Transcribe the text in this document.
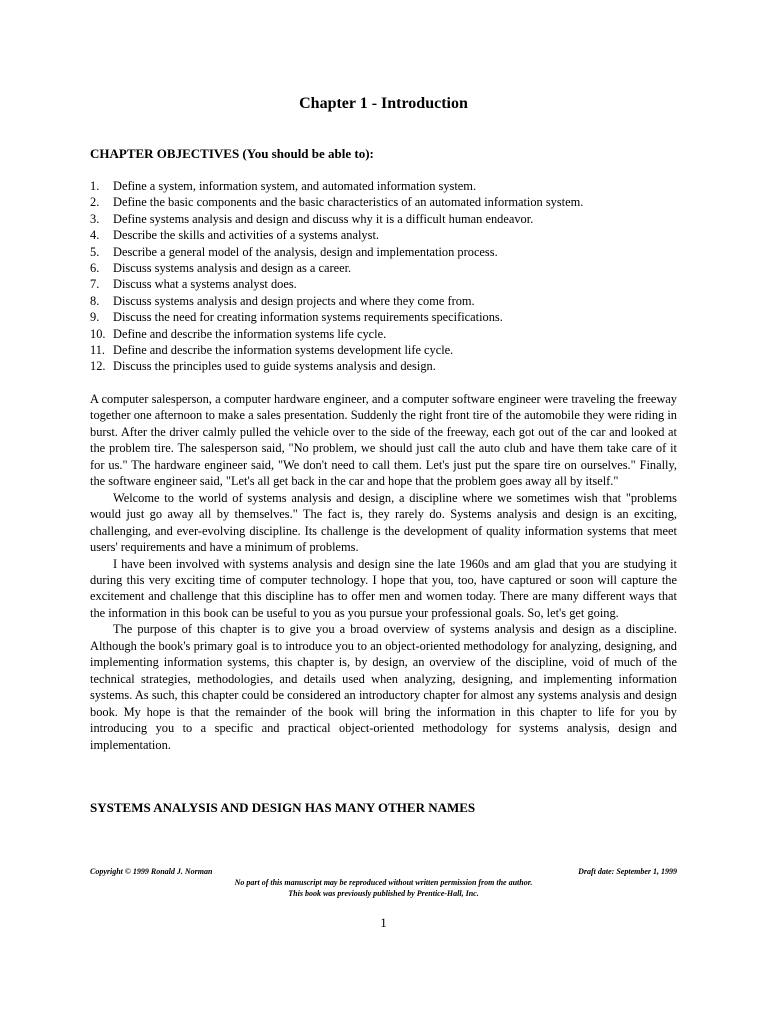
Chapter 1 - Introduction
CHAPTER OBJECTIVES (You should be able to):
1. Define a system, information system, and automated information system.
2. Define the basic components and the basic characteristics of an automated information system.
3. Define systems analysis and design and discuss why it is a difficult human endeavor.
4. Describe the skills and activities of a systems analyst.
5. Describe a general model of the analysis, design and implementation process.
6. Discuss systems analysis and design as a career.
7. Discuss what a systems analyst does.
8. Discuss systems analysis and design projects and where they come from.
9. Discuss the need for creating information systems requirements specifications.
10. Define and describe the information systems life cycle.
11. Define and describe the information systems development life cycle.
12. Discuss the principles used to guide systems analysis and design.

A computer salesperson, a computer hardware engineer, and a computer software engineer were traveling the freeway together one afternoon to make a sales presentation. Suddenly the right front tire of the automobile they were riding in burst. After the driver calmly pulled the vehicle over to the side of the freeway, each got out of the car and looked at the problem tire. The salesperson said, "No problem, we should just call the auto club and have them take care of it for us." The hardware engineer said, "We don't need to call them. Let's just put the spare tire on ourselves." Finally, the software engineer said, "Let's all get back in the car and hope that the problem goes away all by itself."

Welcome to the world of systems analysis and design, a discipline where we sometimes wish that "problems would just go away all by themselves." The fact is, they rarely do. Systems analysis and design is an exciting, challenging, and ever-evolving discipline. Its challenge is the development of quality information systems that meet users' requirements and have a minimum of problems.

I have been involved with systems analysis and design sine the late 1960s and am glad that you are studying it during this very exciting time of computer technology. I hope that you, too, have captured or soon will capture the excitement and challenge that this discipline has to offer men and women today. There are many different ways that the information in this book can be useful to you as you pursue your professional goals. So, let's get going.

The purpose of this chapter is to give you a broad overview of systems analysis and design as a discipline. Although the book's primary goal is to introduce you to an object-oriented methodology for analyzing, designing, and implementing information systems, this chapter is, by design, an overview of the discipline, void of much of the technical strategies, methodologies, and details used when analyzing, designing, and implementing information systems. As such, this chapter could be considered an introductory chapter for almost any systems analysis and design book. My hope is that the remainder of the book will bring the information in this chapter to life for you by introducing you to a specific and practical object-oriented methodology for systems analysis, design and implementation.

SYSTEMS ANALYSIS AND DESIGN HAS MANY OTHER NAMES
Copyright © 1999 Ronald J. Norman	Draft date: September 1, 1999
No part of this manuscript may be reproduced without written permission from the author.
This book was previously published by Prentice-Hall, Inc.
1
